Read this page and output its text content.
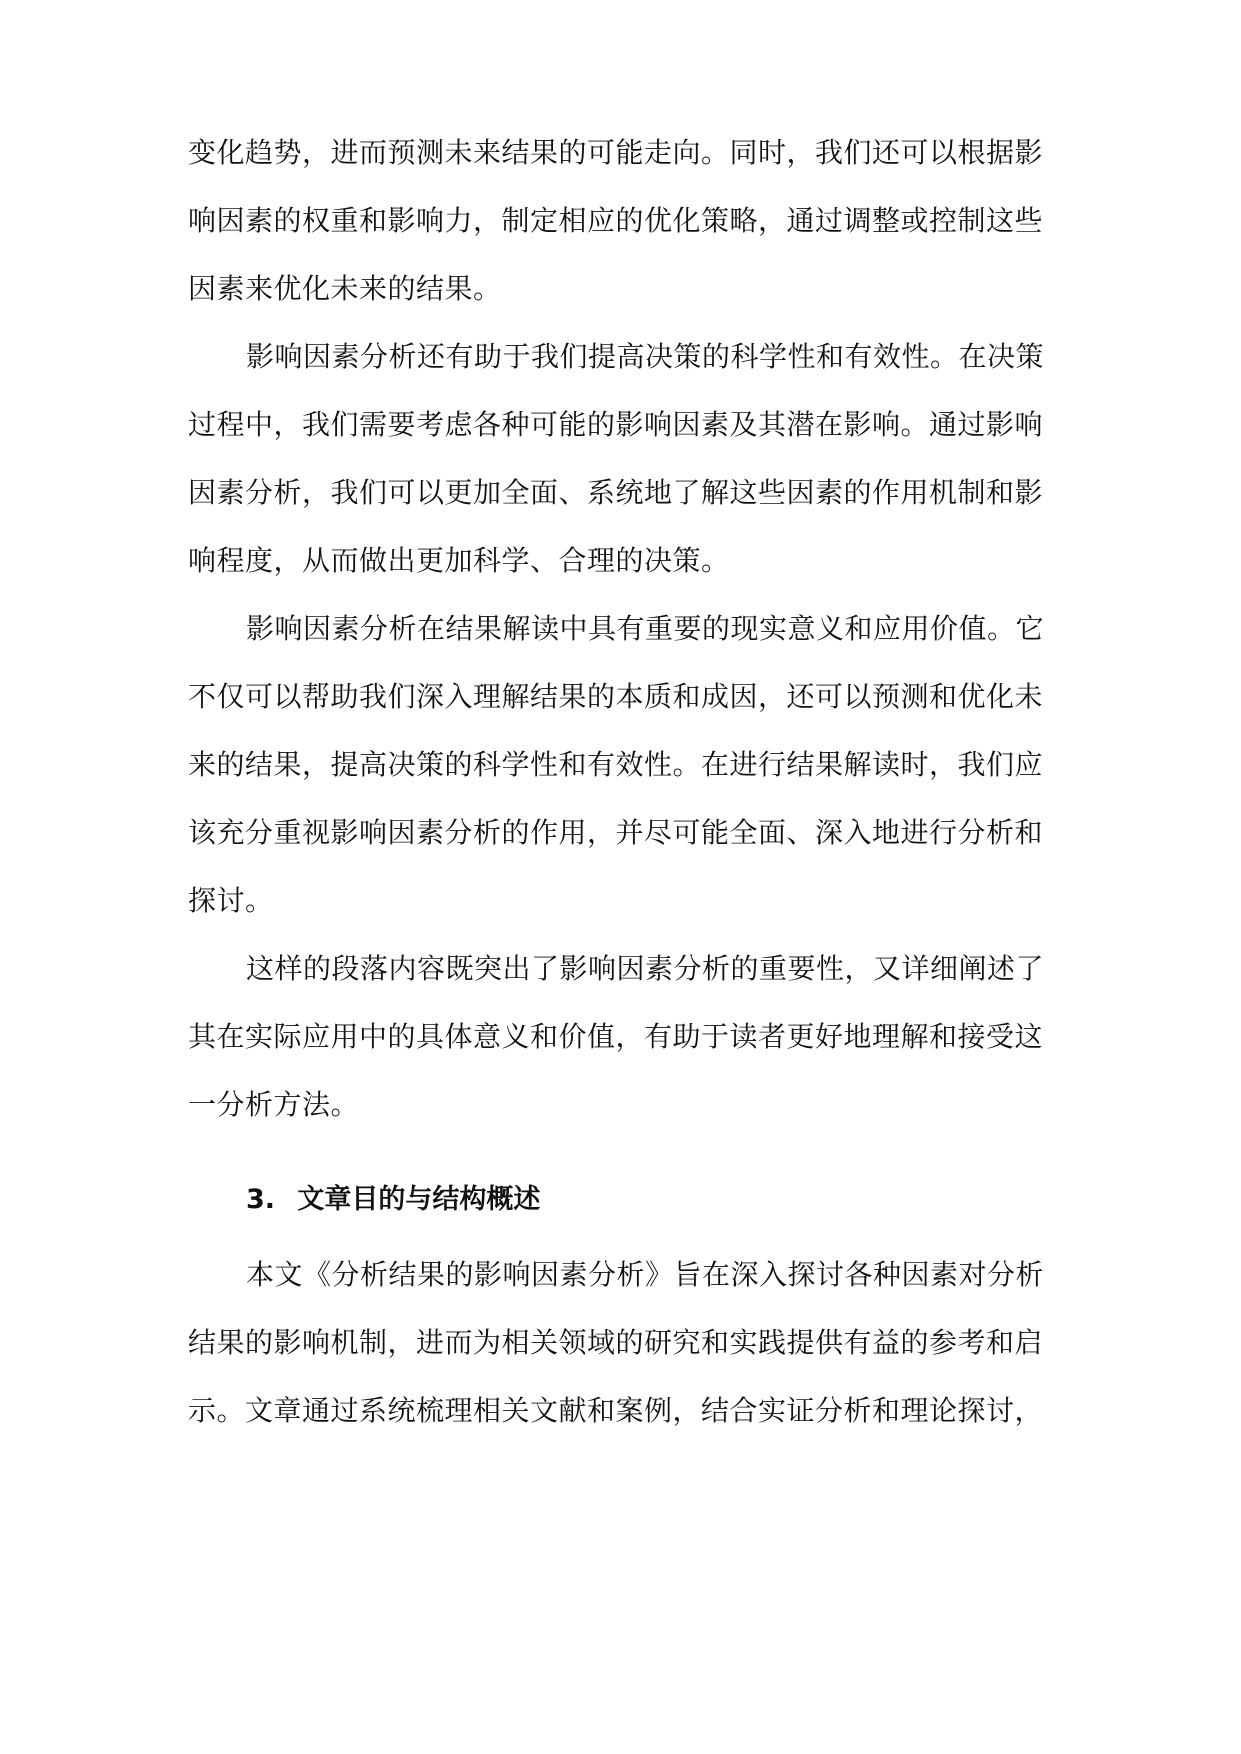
变化趋势，进而预测未来结果的可能走向。同时，我们还可以根据影
响因素的权重和影响力，制定相应的优化策略，通过调整或控制这些
因素来优化未来的结果。
影响因素分析还有助于我们提高决策的科学性和有效性。在决策
过程中，我们需要考虑各种可能的影响因素及其潜在影响。通过影响
因素分析，我们可以更加全面、系统地了解这些因素的作用机制和影
响程度，从而做出更加科学、合理的决策。
影响因素分析在结果解读中具有重要的现实意义和应用价值。它
不仅可以帮助我们深入理解结果的本质和成因，还可以预测和优化未
来的结果，提高决策的科学性和有效性。在进行结果解读时，我们应
该充分重视影响因素分析的作用，并尽可能全面、深入地进行分析和
探讨。
这样的段落内容既突出了影响因素分析的重要性，又详细阐述了
其在实际应用中的具体意义和价值，有助于读者更好地理解和接受这
一分析方法。
3. 文章目的与结构概述
本文《分析结果的影响因素分析》旨在深入探讨各种因素对分析
结果的影响机制，进而为相关领域的研究和实践提供有益的参考和启
示。文章通过系统梳理相关文献和案例，结合实证分析和理论探讨，
